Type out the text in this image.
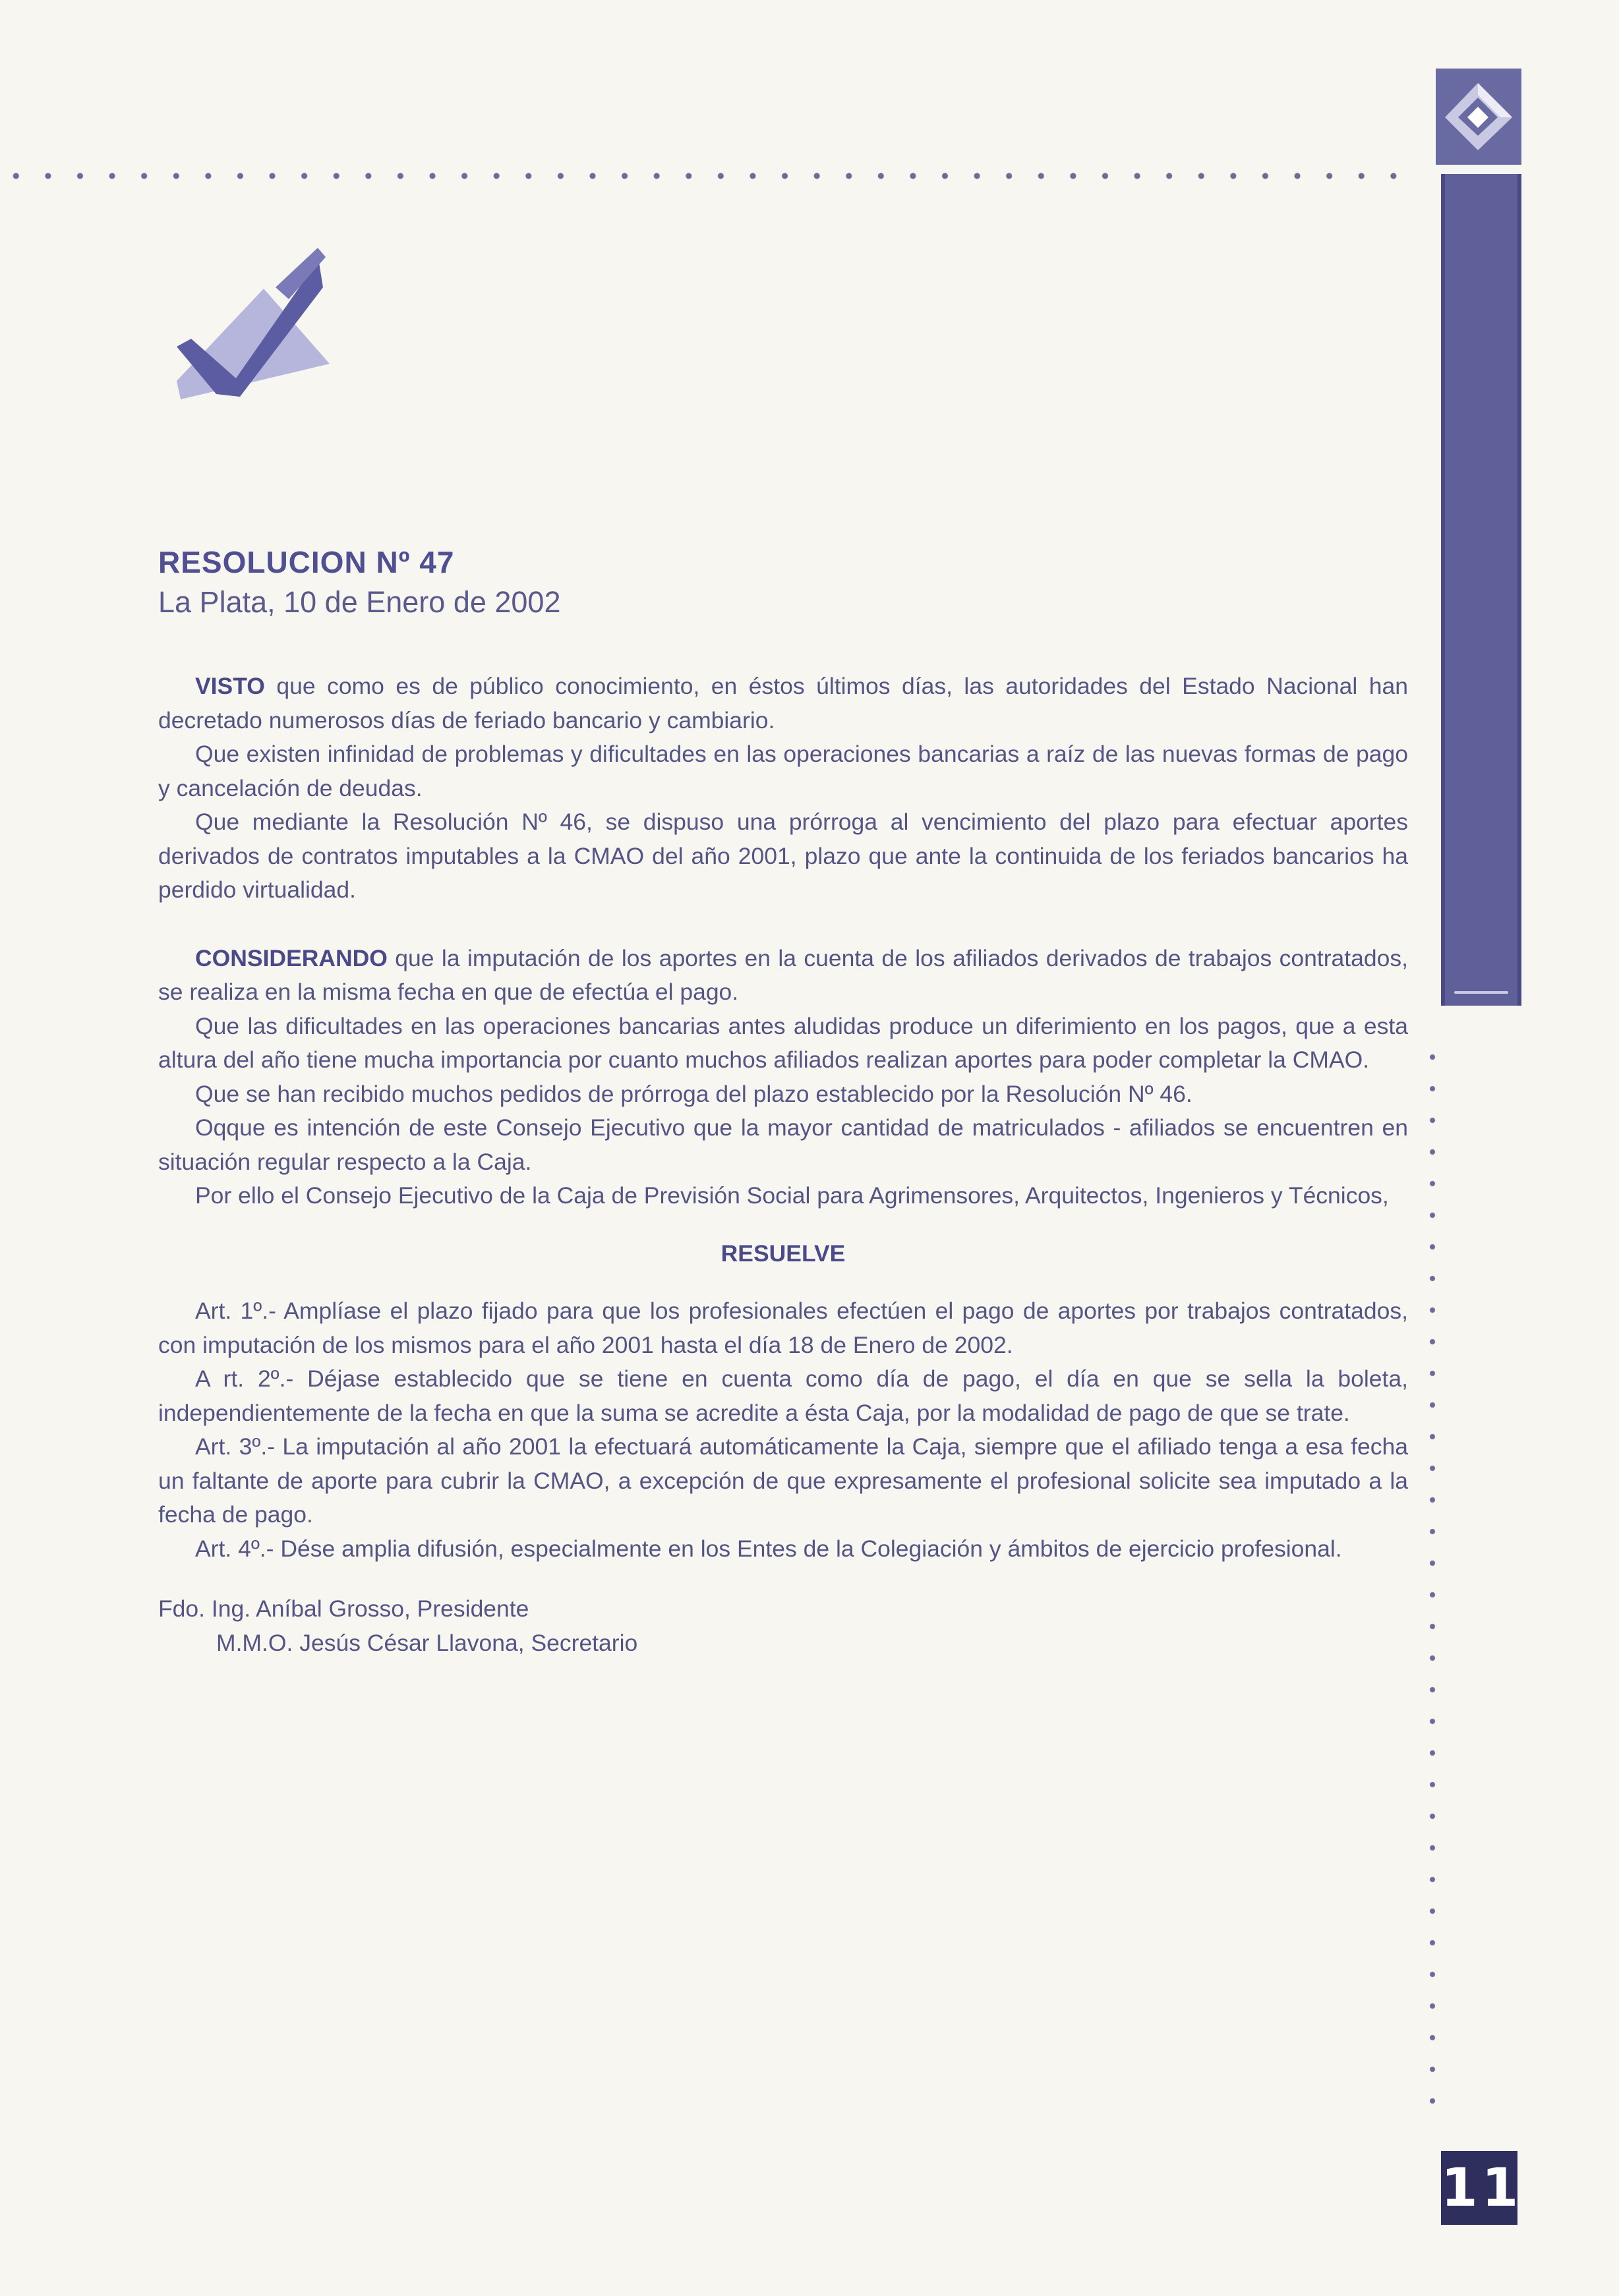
RESOLUCION Nº 47
La Plata, 10 de Enero de 2002

VISTO que como es de público conocimiento, en éstos últimos días, las autoridades del Estado Nacional han decretado numerosos días de feriado bancario y cambiario.

Que existen infinidad de problemas y dificultades en las operaciones bancarias a raíz de las nuevas formas de pago y cancelación de deudas.

Que mediante la Resolución Nº 46, se dispuso una prórroga al vencimiento del plazo para efectuar aportes derivados de contratos imputables a la CMAO del año 2001, plazo que ante la continuida de los feriados bancarios ha perdido virtualidad.

CONSIDERANDO que la imputación de los aportes en la cuenta de los afiliados derivados de trabajos contratados, se realiza en la misma fecha en que de efectúa el pago.

Que las dificultades en las operaciones bancarias antes aludidas produce un diferimiento en los pagos, que a esta altura del año tiene mucha importancia por cuanto muchos afiliados realizan aportes para poder completar la CMAO.

Que se han recibido muchos pedidos de prórroga del plazo establecido por la Resolución Nº 46.

Oqque es intención de este Consejo Ejecutivo que la mayor cantidad de matriculados - afiliados se encuentren en situación regular respecto a la Caja.

Por ello el Consejo Ejecutivo de la Caja de Previsión Social para Agrimensores, Arquitectos, Ingenieros y Técnicos,

RESUELVE

Art. 1º.- Amplíase el plazo fijado para que los profesionales efectúen el pago de aportes por trabajos contratados, con imputación de los mismos para el año 2001 hasta el día 18 de Enero de 2002.

A rt. 2º.- Déjase establecido que se tiene en cuenta como día de pago, el día en que se sella la boleta, independientemente de la fecha en que la suma se acredite a ésta Caja, por la modalidad de pago de que se trate.

Art. 3º.- La imputación al año 2001 la efectuará automáticamente la Caja, siempre que el afiliado tenga a esa fecha un faltante de aporte para cubrir la CMAO, a excepción de que expresamente el profesional solicite sea imputado a la fecha de pago.

Art. 4º.- Dése amplia difusión, especialmente en los Entes de la Colegiación y ámbitos de ejercicio profesional.

Fdo. Ing. Aníbal Grosso, Presidente

M.M.O. Jesús César Llavona, Secretario

11
